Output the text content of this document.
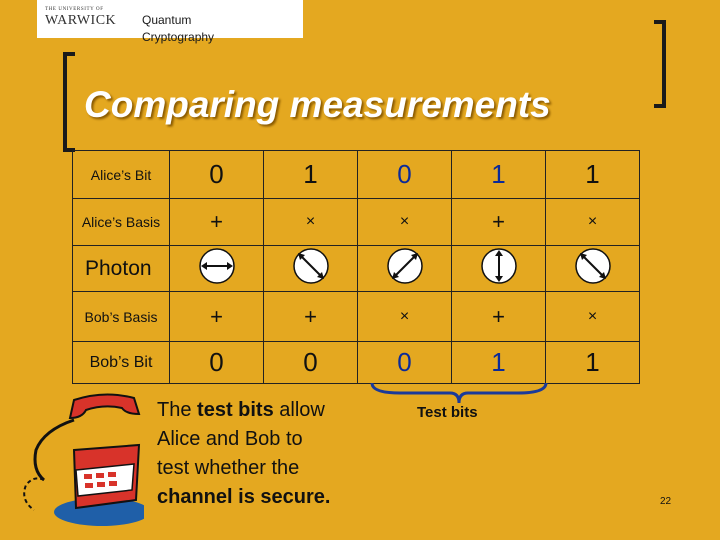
THE UNIVERSITY OF
WARWICK Quantum
Cryptography
Comparing measurements
Alice’s Bit	0	1	0	1	1
Alice’s Basis	+	×	×	+	×
Photon					
Bob’s Basis	+	+	×	+	×
Bob’s Bit	0	0	0	1	1
Test bits
The test bits allow
Alice and Bob to
test whether the
channel is secure.	22
